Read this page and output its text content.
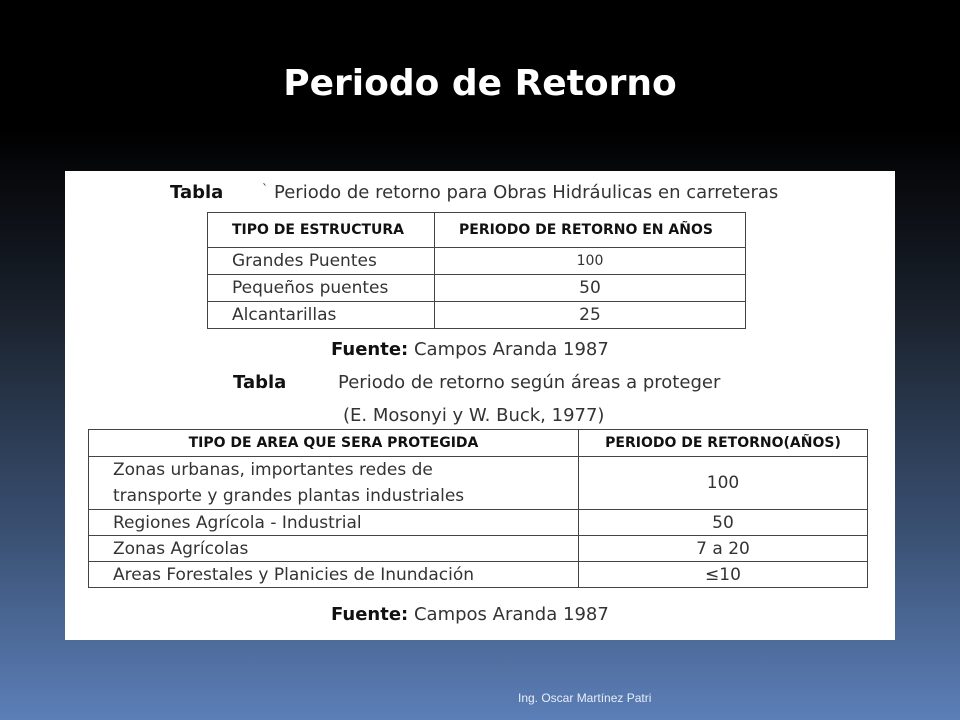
Periodo de Retorno
Tabla	` Periodo de retorno para Obras Hidráulicas en carreteras
TIPO DE ESTRUCTURA	PERIODO DE RETORNO EN AÑOS
Grandes Puentes	100
Pequeños puentes	50
Alcantarillas	25
Fuente: Campos Aranda 1987
Tabla	Periodo de retorno según áreas a proteger
(E. Mosonyi y W. Buck, 1977)
TIPO DE AREA QUE SERA PROTEGIDA	PERIODO DE RETORNO(AÑOS)

Zonas urbanas, importantes redes de
transporte y grandes plantas industriales	100
Regiones Agrícola - Industrial	50
Zonas Agrícolas	7 a 20
Areas Forestales y Planicies de Inundación	≤10
Fuente: Campos Aranda 1987
Ing. Oscar Martínez Patri
